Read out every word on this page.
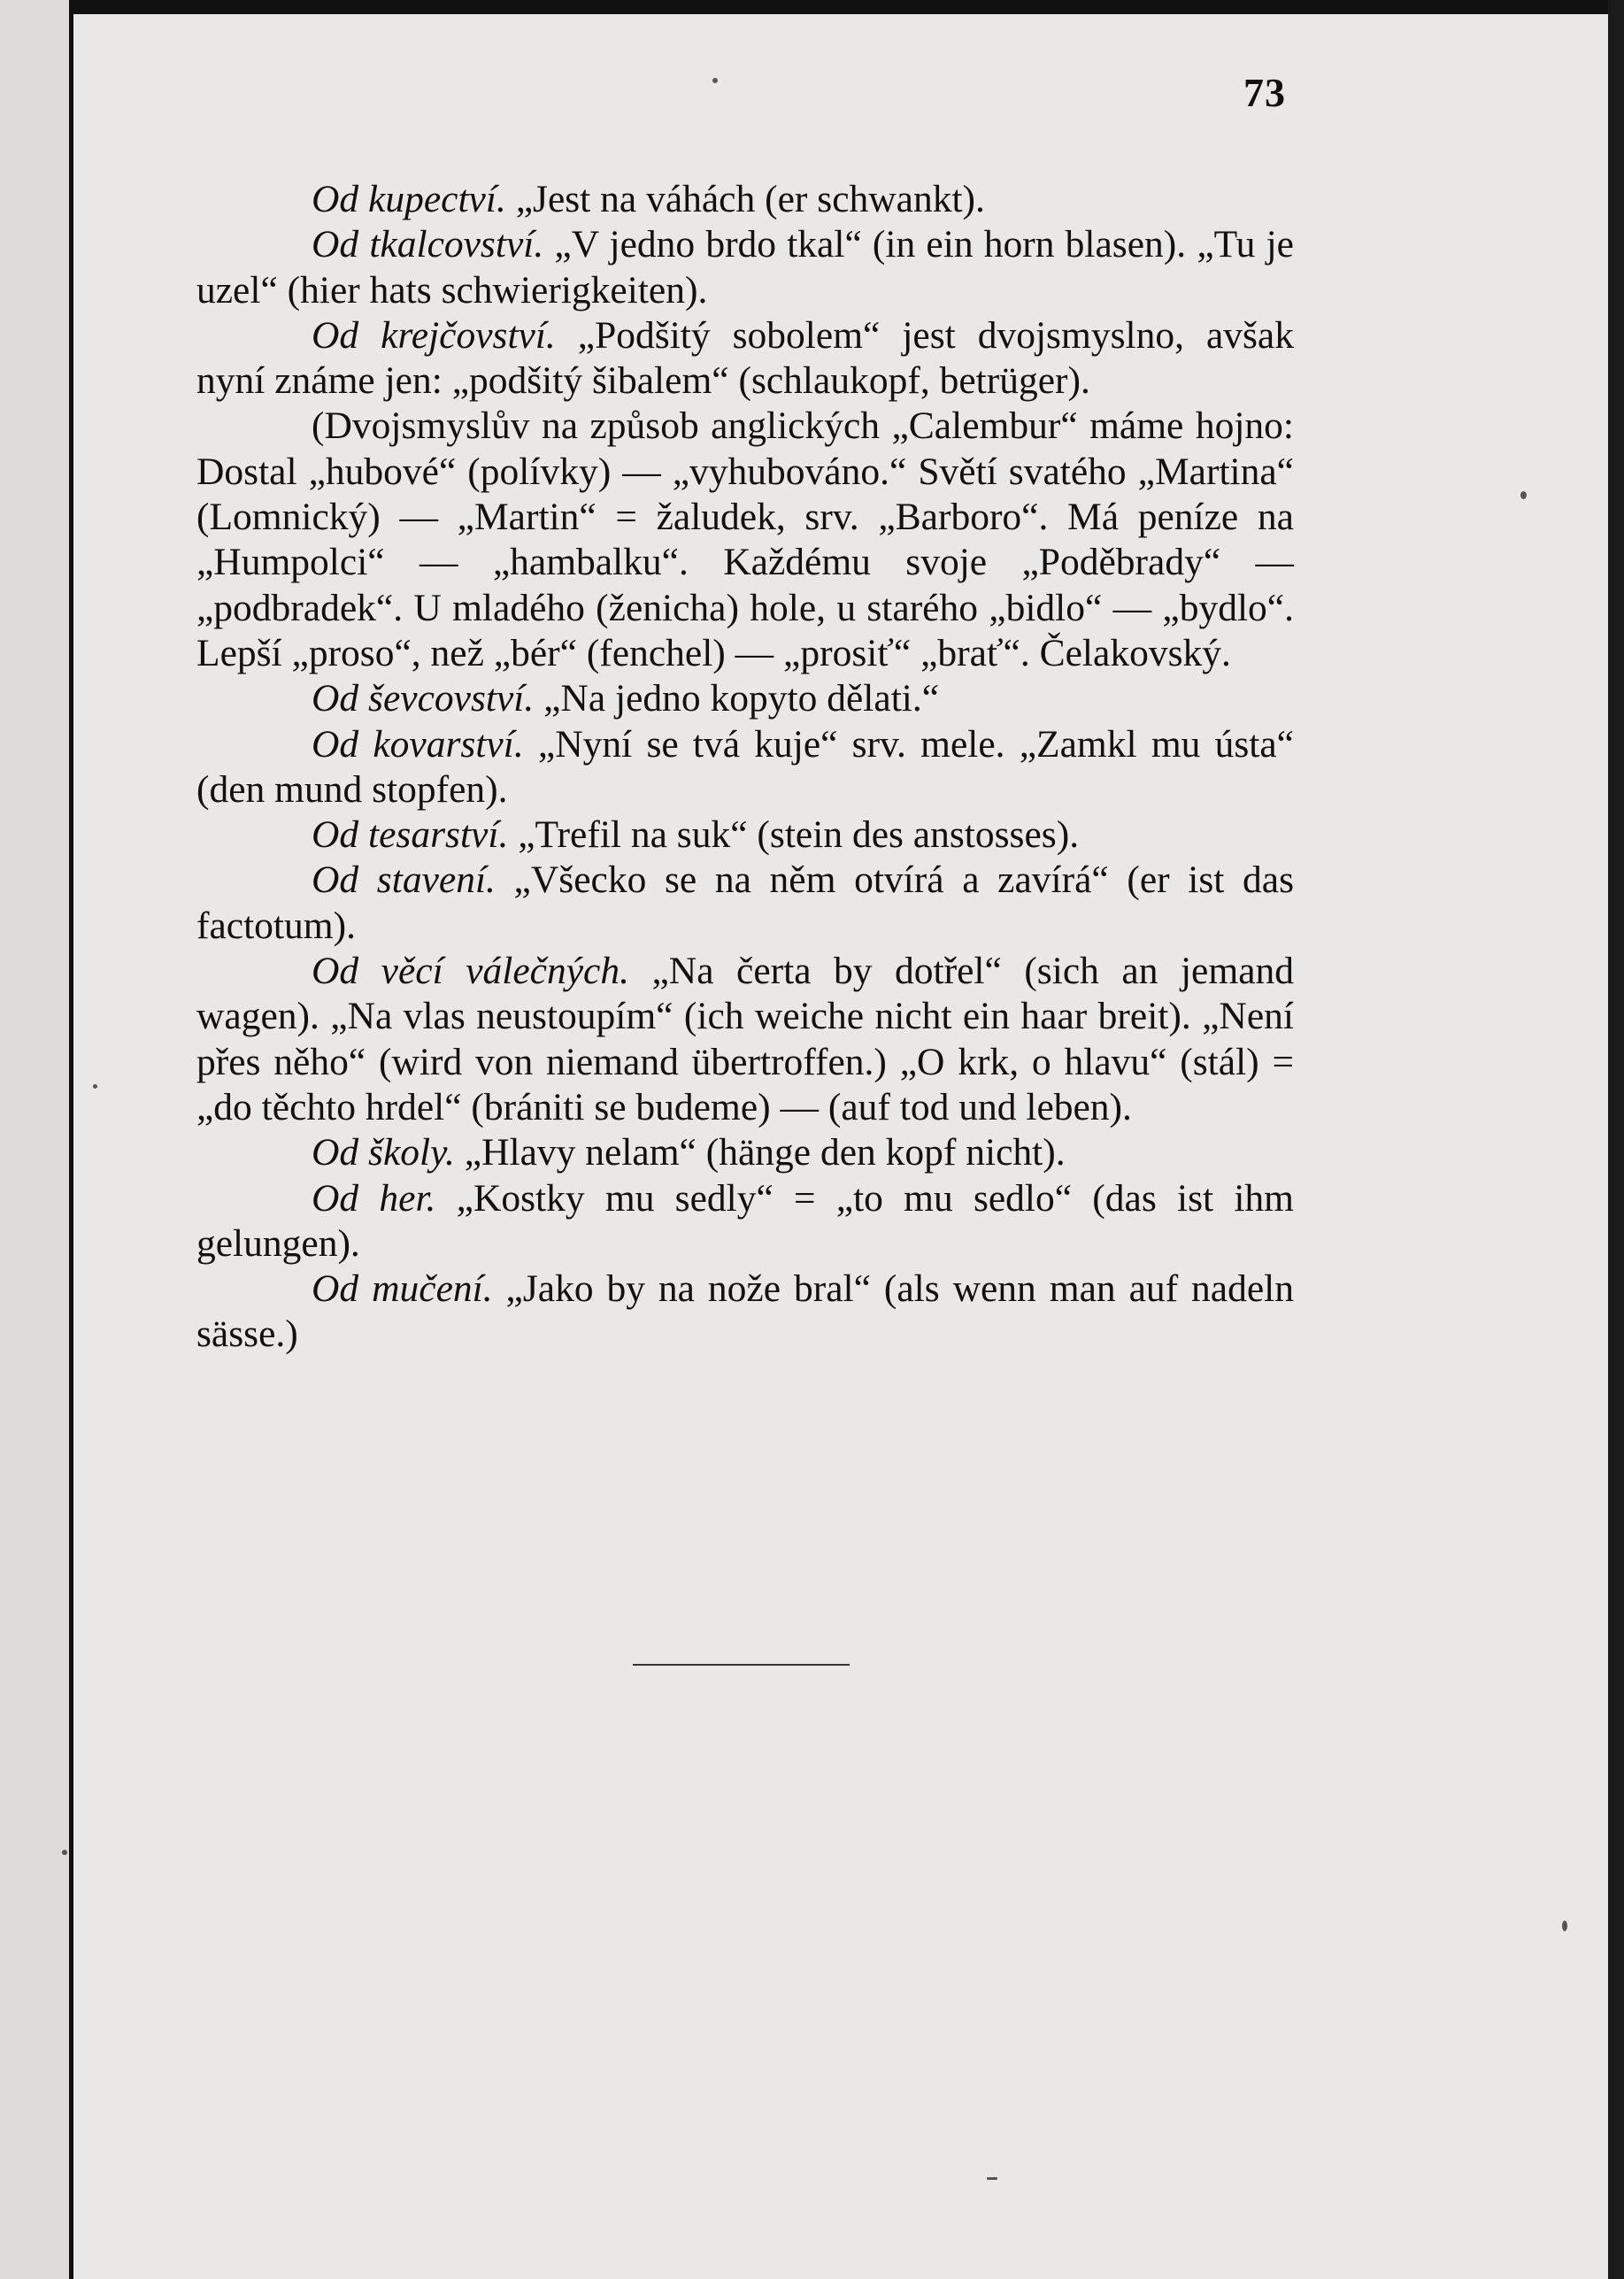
73

Od kupectví. „Jest na váhách (er schwankt).

Od tkalcovství. „V jedno brdo tkal“ (in ein horn blasen). „Tu je uzel“ (hier hats schwierigkeiten).

Od krejčovství. „Podšitý sobolem“ jest dvojsmyslno, avšak nyní známe jen: „podšitý šibalem“ (schlaukopf, betrüger).

(Dvojsmyslův na způsob anglických „Calembur“ máme hojno: Dostal „hubové“ (polívky) — „vyhubováno.“ Světí svatého „Martina“ (Lomnický) — „Martin“ = žaludek, srv. „Barboro“. Má peníze na „Humpolci“ — „hambalku“. Každému svoje „Poděbrady“ — „podbradek“. U mladého (ženicha) hole, u starého „bidlo“ — „bydlo“. Lepší „proso“, než „bér“ (fenchel) — „prosiť“ „brať“. Čelakovský.

Od ševcovství. „Na jedno kopyto dělati.“

Od kovarství. „Nyní se tvá kuje“ srv. mele. „Zamkl mu ústa“ (den mund stopfen).

Od tesarství. „Trefil na suk“ (stein des anstosses).

Od stavení. „Všecko se na něm otvírá a zavírá“ (er ist das factotum).

Od věcí válečných. „Na čerta by dotřel“ (sich an jemand wagen). „Na vlas neustoupím“ (ich weiche nicht ein haar breit). „Není přes něho“ (wird von niemand übertroffen.) „O krk, o hlavu“ (stál) = „do těchto hrdel“ (brániti se budeme) — (auf tod und leben).

Od školy. „Hlavy nelam“ (hänge den kopf nicht).

Od her. „Kostky mu sedly“ = „to mu sedlo“ (das ist ihm gelungen).

Od mučení. „Jako by na nože bral“ (als wenn man auf nadeln sässe.)
